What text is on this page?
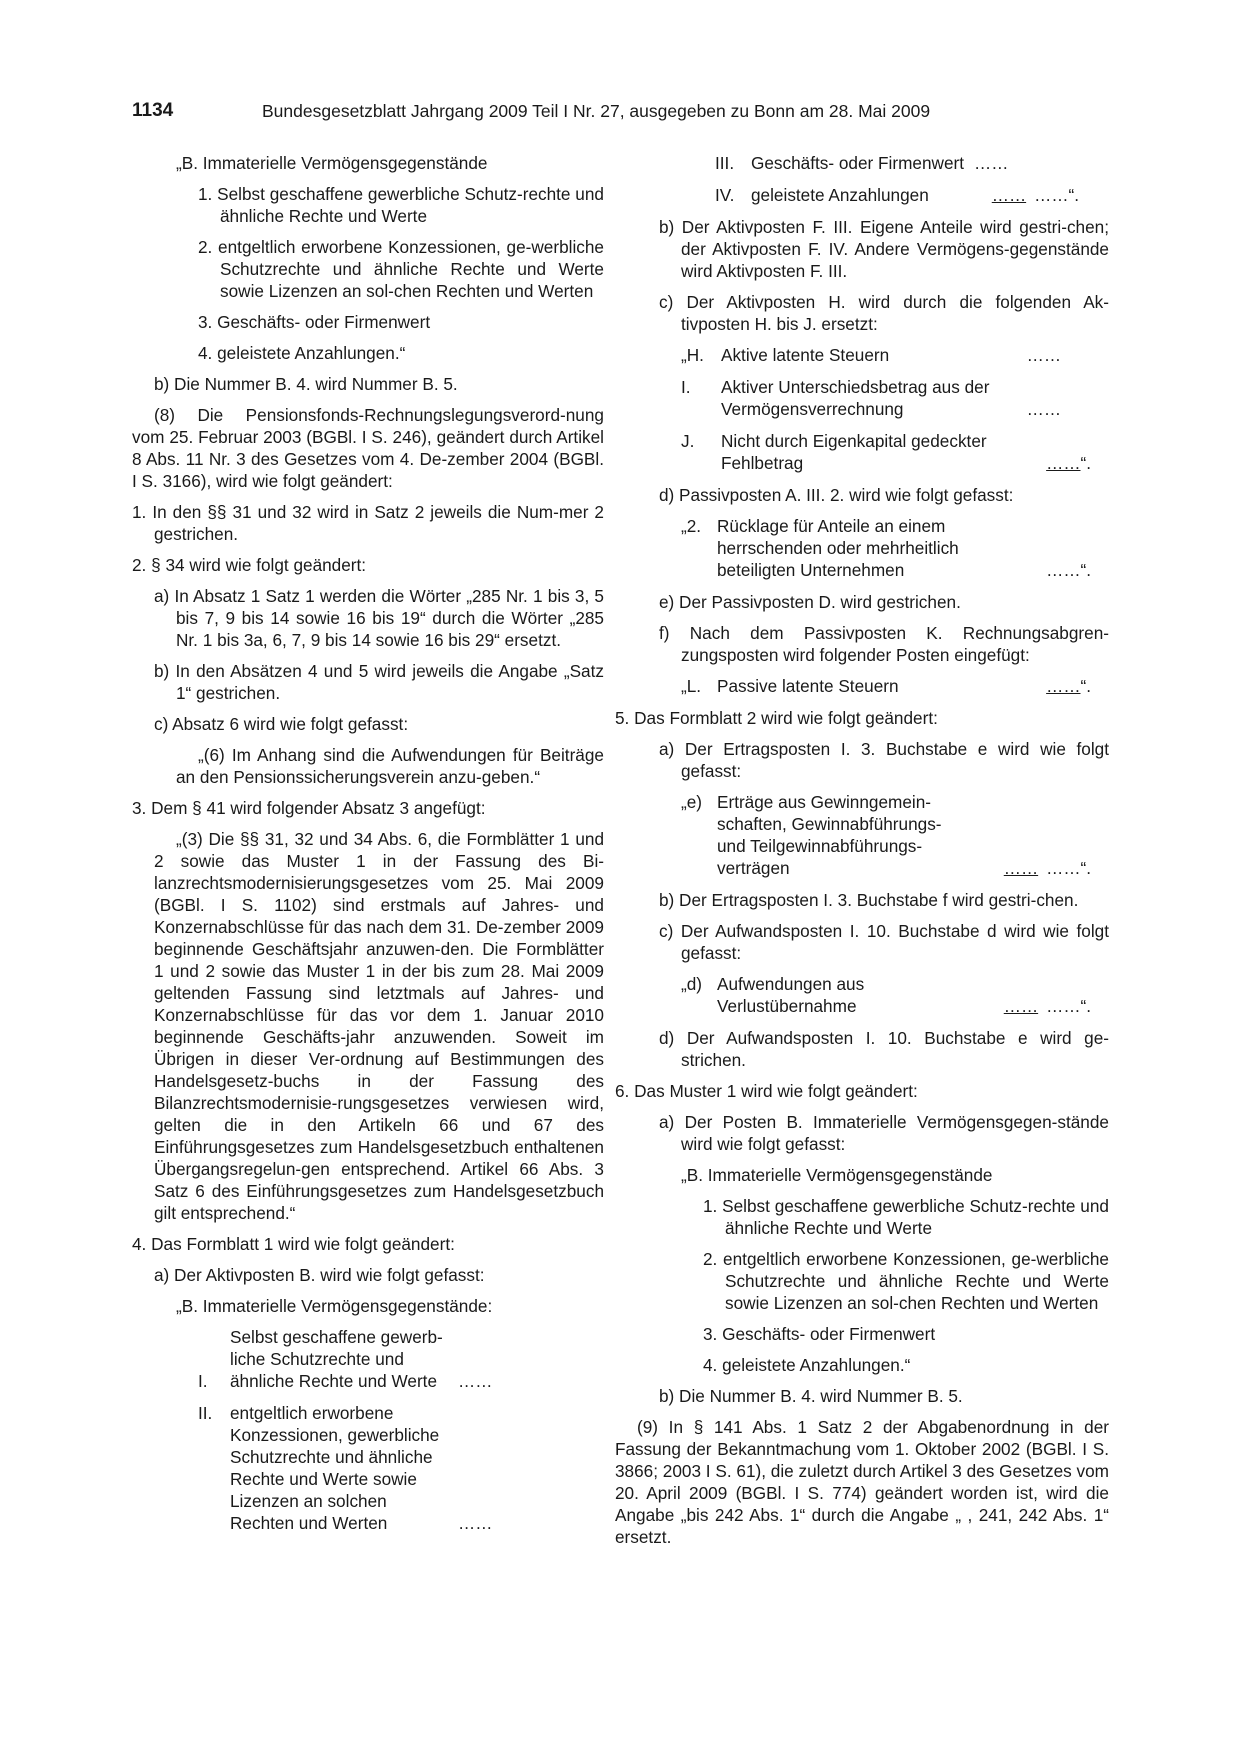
1134	Bundesgesetzblatt Jahrgang 2009 Teil I Nr. 27, ausgegeben zu Bonn am 28. Mai 2009

„B. Immaterielle Vermögensgegenstände

1. Selbst geschaffene gewerbliche Schutz-rechte und ähnliche Rechte und Werte

2. entgeltlich erworbene Konzessionen, ge-werbliche Schutzrechte und ähnliche Rechte und Werte sowie Lizenzen an sol-chen Rechten und Werten

3. Geschäfts- oder Firmenwert

4. geleistete Anzahlungen.“

b) Die Nummer B. 4. wird Nummer B. 5.

(8) Die Pensionsfonds-Rechnungslegungsverord-nung vom 25. Februar 2003 (BGBl. I S. 246), geändert durch Artikel 8 Abs. 11 Nr. 3 des Gesetzes vom 4. De-zember 2004 (BGBl. I S. 3166), wird wie folgt geändert:

1. In den §§ 31 und 32 wird in Satz 2 jeweils die Num-mer 2 gestrichen.

2. § 34 wird wie folgt geändert:

a) In Absatz 1 Satz 1 werden die Wörter „285 Nr. 1 bis 3, 5 bis 7, 9 bis 14 sowie 16 bis 19“ durch die Wörter „285 Nr. 1 bis 3a, 6, 7, 9 bis 14 sowie 16 bis 29“ ersetzt.

b) In den Absätzen 4 und 5 wird jeweils die Angabe „Satz 1“ gestrichen.

c) Absatz 6 wird wie folgt gefasst:

„(6) Im Anhang sind die Aufwendungen für Beiträge an den Pensionssicherungsverein anzu-geben.“

3. Dem § 41 wird folgender Absatz 3 angefügt:

„(3) Die §§ 31, 32 und 34 Abs. 6, die Formblätter 1 und 2 sowie das Muster 1 in der Fassung des Bi-lanzrechtsmodernisierungsgesetzes vom 25. Mai 2009 (BGBl. I S. 1102) sind erstmals auf Jahres- und Konzernabschlüsse für das nach dem 31. De-zember 2009 beginnende Geschäftsjahr anzuwen-den. Die Formblätter 1 und 2 sowie das Muster 1 in der bis zum 28. Mai 2009 geltenden Fassung sind letztmals auf Jahres- und Konzernabschlüsse für das vor dem 1. Januar 2010 beginnende Geschäfts-jahr anzuwenden. Soweit im Übrigen in dieser Ver-ordnung auf Bestimmungen des Handelsgesetz-buchs in der Fassung des Bilanzrechtsmodernisie-rungsgesetzes verwiesen wird, gelten die in den Artikeln 66 und 67 des Einführungsgesetzes zum Handelsgesetzbuch enthaltenen Übergangsregelun-gen entsprechend. Artikel 66 Abs. 3 Satz 6 des Einführungsgesetzes zum Handelsgesetzbuch gilt entsprechend.“

4. Das Formblatt 1 wird wie folgt geändert:

a) Der Aktivposten B. wird wie folgt gefasst:

„B. Immaterielle Vermögensgegenstände:

I.
Selbst geschaffene gewerb-liche Schutzrechte und ähnliche Rechte und Werte	……
II.	entgeltlich erworbene Konzessionen, gewerbliche Schutzrechte und ähnliche Rechte und Werte sowie Lizenzen an solchen Rechten und Werten	……
III. Geschäfts- oder Firmenwert ……
IV. geleistete Anzahlungen	…… ……“.

b) Der Aktivposten F. III. Eigene Anteile wird gestri-chen; der Aktivposten F. IV. Andere Vermögens-gegenstände wird Aktivposten F. III.

c) Der Aktivposten H. wird durch die folgenden Ak-tivposten H. bis J. ersetzt:

„H. Aktive latente Steuern	……
I.	Aktiver Unterschiedsbetrag aus der Vermögensverrechnung	……
J.	Nicht durch Eigenkapital gedeckter Fehlbetrag	…… “.

d) Passivposten A. III. 2. wird wie folgt gefasst:

„2. Rücklage für Anteile an einem herrschenden oder mehrheitlich beteiligten Unternehmen	……“.

e) Der Passivposten D. wird gestrichen.

f) Nach dem Passivposten K. Rechnungsabgren-zungsposten wird folgender Posten eingefügt:

„L. Passive latente Steuern	…… “.

5. Das Formblatt 2 wird wie folgt geändert:

a) Der Ertragsposten I. 3. Buchstabe e wird wie folgt gefasst:

„e) Erträge aus Gewinngemein-schaften, Gewinnabführungs- und Teilgewinnabführungs-verträgen	…… ……“.

b) Der Ertragsposten I. 3. Buchstabe f wird gestri-chen.

c) Der Aufwandsposten I. 10. Buchstabe d wird wie folgt gefasst:

„d) Aufwendungen aus Verlustübernahme	…… ……“.

d) Der Aufwandsposten I. 10. Buchstabe e wird ge-strichen.

6. Das Muster 1 wird wie folgt geändert:

a) Der Posten B. Immaterielle Vermögensgegen-stände wird wie folgt gefasst:

„B. Immaterielle Vermögensgegenstände

1. Selbst geschaffene gewerbliche Schutz-rechte und ähnliche Rechte und Werte

2. entgeltlich erworbene Konzessionen, ge-werbliche Schutzrechte und ähnliche Rechte und Werte sowie Lizenzen an sol-chen Rechten und Werten

3. Geschäfts- oder Firmenwert

4. geleistete Anzahlungen.“

b) Die Nummer B. 4. wird Nummer B. 5.

(9) In § 141 Abs. 1 Satz 2 der Abgabenordnung in der Fassung der Bekanntmachung vom 1. Oktober 2002 (BGBl. I S. 3866; 2003 I S. 61), die zuletzt durch Artikel 3 des Gesetzes vom 20. April 2009 (BGBl. I S. 774) geändert worden ist, wird die Angabe „bis 242 Abs. 1“ durch die Angabe „ , 241, 242 Abs. 1“ ersetzt.
